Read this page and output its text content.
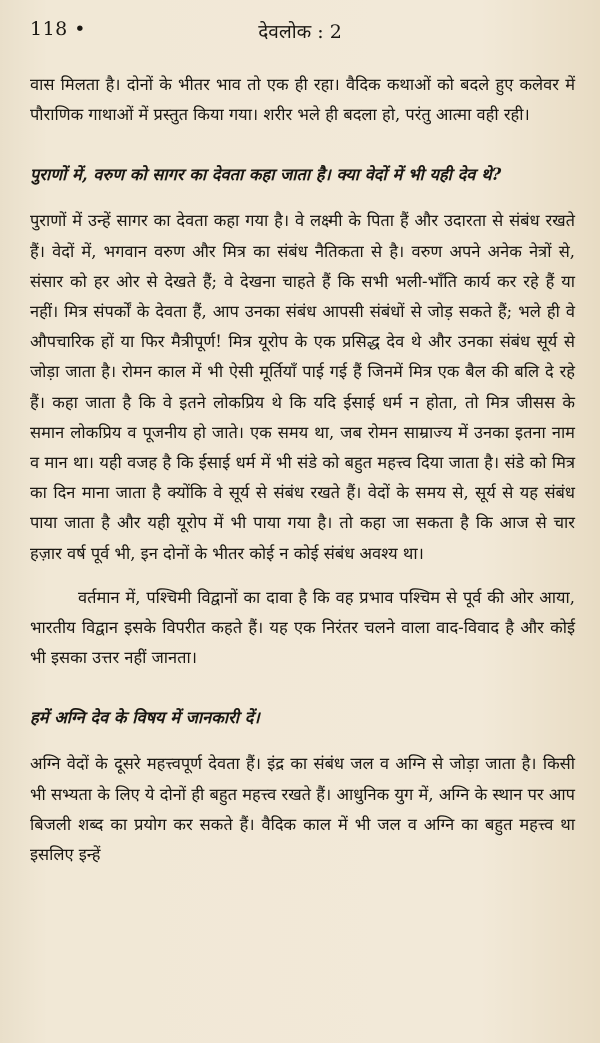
118 •	देवलोक : 2

वास मिलता है। दोनों के भीतर भाव तो एक ही रहा। वैदिक कथाओं को बदले हुए कलेवर में पौराणिक गाथाओं में प्रस्तुत किया गया। शरीर भले ही बदला हो, परंतु आत्मा वही रही।

पुराणों में, वरुण को सागर का देवता कहा जाता है। क्या वेदों में भी यही देव थे?

पुराणों में उन्हें सागर का देवता कहा गया है। वे लक्ष्मी के पिता हैं और उदारता से संबंध रखते हैं। वेदों में, भगवान वरुण और मित्र का संबंध नैतिकता से है। वरुण अपने अनेक नेत्रों से, संसार को हर ओर से देखते हैं; वे देखना चाहते हैं कि सभी भली-भाँति कार्य कर रहे हैं या नहीं। मित्र संपर्कों के देवता हैं, आप उनका संबंध आपसी संबंधों से जोड़ सकते हैं; भले ही वे औपचारिक हों या फिर मैत्रीपूर्ण! मित्र यूरोप के एक प्रसिद्ध देव थे और उनका संबंध सूर्य से जोड़ा जाता है। रोमन काल में भी ऐसी मूर्तियाँ पाई गई हैं जिनमें मित्र एक बैल की बलि दे रहे हैं। कहा जाता है कि वे इतने लोकप्रिय थे कि यदि ईसाई धर्म न होता, तो मित्र जीसस के समान लोकप्रिय व पूजनीय हो जाते। एक समय था, जब रोमन साम्राज्य में उनका इतना नाम व मान था। यही वजह है कि ईसाई धर्म में भी संडे को बहुत महत्त्व दिया जाता है। संडे को मित्र का दिन माना जाता है क्योंकि वे सूर्य से संबंध रखते हैं। वेदों के समय से, सूर्य से यह संबंध पाया जाता है और यही यूरोप में भी पाया गया है। तो कहा जा सकता है कि आज से चार हज़ार वर्ष पूर्व भी, इन दोनों के भीतर कोई न कोई संबंध अवश्य था।

वर्तमान में, पश्चिमी विद्वानों का दावा है कि वह प्रभाव पश्चिम से पूर्व की ओर आया, भारतीय विद्वान इसके विपरीत कहते हैं। यह एक निरंतर चलने वाला वाद-विवाद है और कोई भी इसका उत्तर नहीं जानता।

हमें अग्नि देव के विषय में जानकारी दें।

अग्नि वेदों के दूसरे महत्त्वपूर्ण देवता हैं। इंद्र का संबंध जल व अग्नि से जोड़ा जाता है। किसी भी सभ्यता के लिए ये दोनों ही बहुत महत्त्व रखते हैं। आधुनिक युग में, अग्नि के स्थान पर आप बिजली शब्द का प्रयोग कर सकते हैं। वैदिक काल में भी जल व अग्नि का बहुत महत्त्व था इसलिए इन्हें
